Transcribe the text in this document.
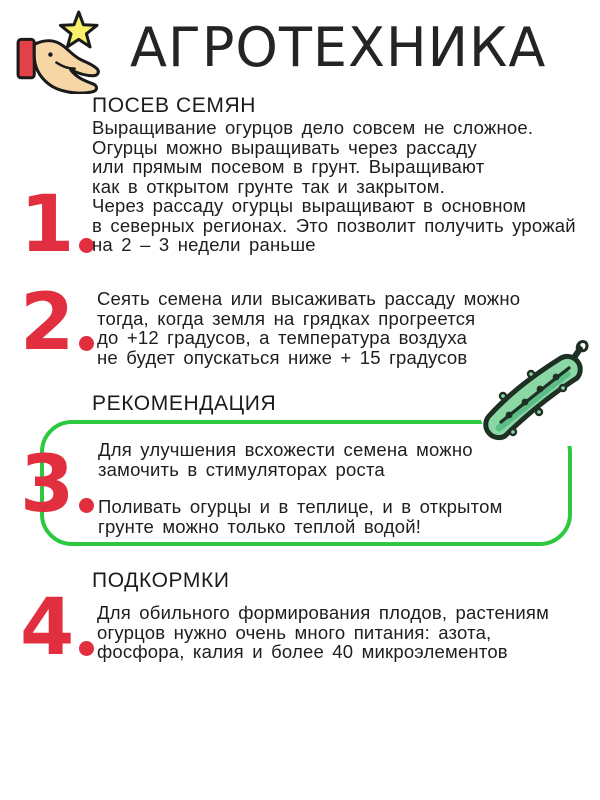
АГРОТЕХНИКА
1
ПОСЕВ СЕМЯН
Выращивание огурцов дело совсем не сложное.
Огурцы можно выращивать через рассаду
или прямым посевом в грунт. Выращивают
как в открытом грунте так и закрытом.
Через рассаду огурцы выращивают в основном
в северных регионах. Это позволит получить урожай
на 2 – 3 недели раньше
2 Сеять семена или высаживать рассаду можно
тогда, когда земля на грядках прогреется
до +12 градусов, а температура воздуха
не будет опускаться ниже + 15 градусов
РЕКОМЕНДАЦИЯ
3 Для улучшения всхожести семена можно
замочить в стимуляторах роста
Поливать огурцы и в теплице, и в открытом
грунте можно только теплой водой!
4
ПОДКОРМКИ
Для обильного формирования плодов, растениям
огурцов нужно очень много питания: азота,
фосфора, калия и более 40 микроэлементов
